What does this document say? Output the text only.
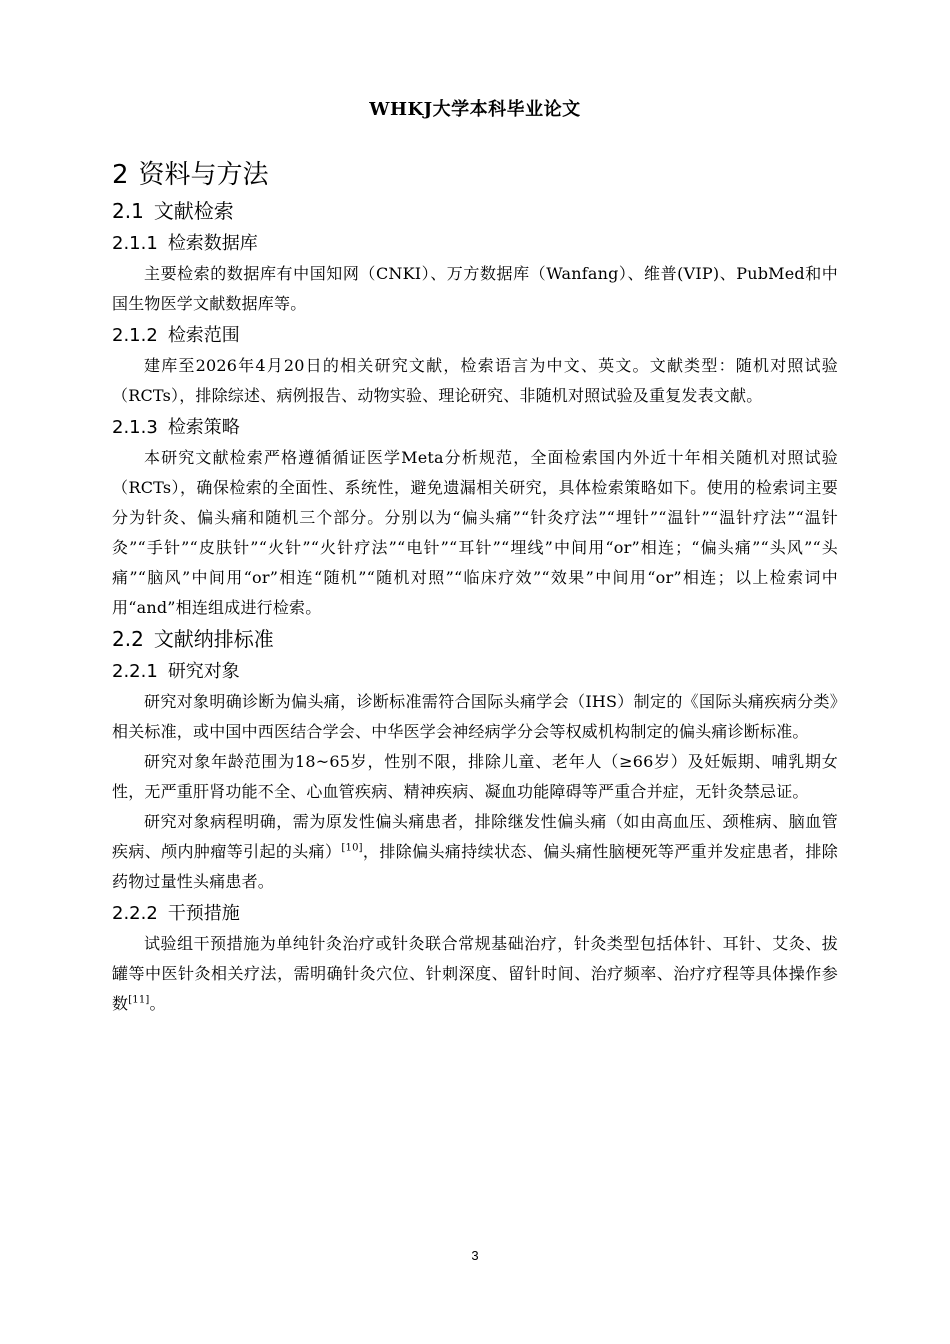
WHKJ大学本科毕业论文
2 资料与方法
2.1 文献检索
2.1.1 检索数据库

主要检索的数据库有中国知网（CNKI）、万方数据库（Wanfang）、维普(VIP)、PubMed和中国生物医学文献数据库等。

2.1.2 检索范围

建库至2026年4月20日的相关研究文献，检索语言为中文、英文。文献类型：随机对照试验（RCTs），排除综述、病例报告、动物实验、理论研究、非随机对照试验及重复发表文献。

2.1.3 检索策略

本研究文献检索严格遵循循证医学Meta分析规范，全面检索国内外近十年相关随机对照试验（RCTs），确保检索的全面性、系统性，避免遗漏相关研究，具体检索策略如下。使用的检索词主要分为针灸、偏头痛和随机三个部分。分别以为“偏头痛”“针灸疗法”“埋针”“温针”“温针疗法”“温针灸”“手针”“皮肤针”“火针”“火针疗法”“电针”“耳针”“埋线”中间用“or”相连；“偏头痛”“头风”“头痛”“脑风”中间用“or”相连“随机”“随机对照”“临床疗效”“效果”中间用“or”相连；以上检索词中用“and”相连组成进行检索。

2.2 文献纳排标准
2.2.1 研究对象

研究对象明确诊断为偏头痛，诊断标准需符合国际头痛学会（IHS）制定的《国际头痛疾病分类》相关标准，或中国中西医结合学会、中华医学会神经病学分会等权威机构制定的偏头痛诊断标准。

研究对象年龄范围为18~65岁，性别不限，排除儿童、老年人（≥66岁）及妊娠期、哺乳期女性，无严重肝肾功能不全、心血管疾病、精神疾病、凝血功能障碍等严重合并症，无针灸禁忌证。

研究对象病程明确，需为原发性偏头痛患者，排除继发性偏头痛（如由高血压、颈椎病、脑血管疾病、颅内肿瘤等引起的头痛）[10]，排除偏头痛持续状态、偏头痛性脑梗死等严重并发症患者，排除药物过量性头痛患者。

2.2.2 干预措施

试验组干预措施为单纯针灸治疗或针灸联合常规基础治疗，针灸类型包括体针、耳针、艾灸、拔罐等中医针灸相关疗法，需明确针灸穴位、针刺深度、留针时间、治疗频率、治疗疗程等具体操作参数[11]。

3
